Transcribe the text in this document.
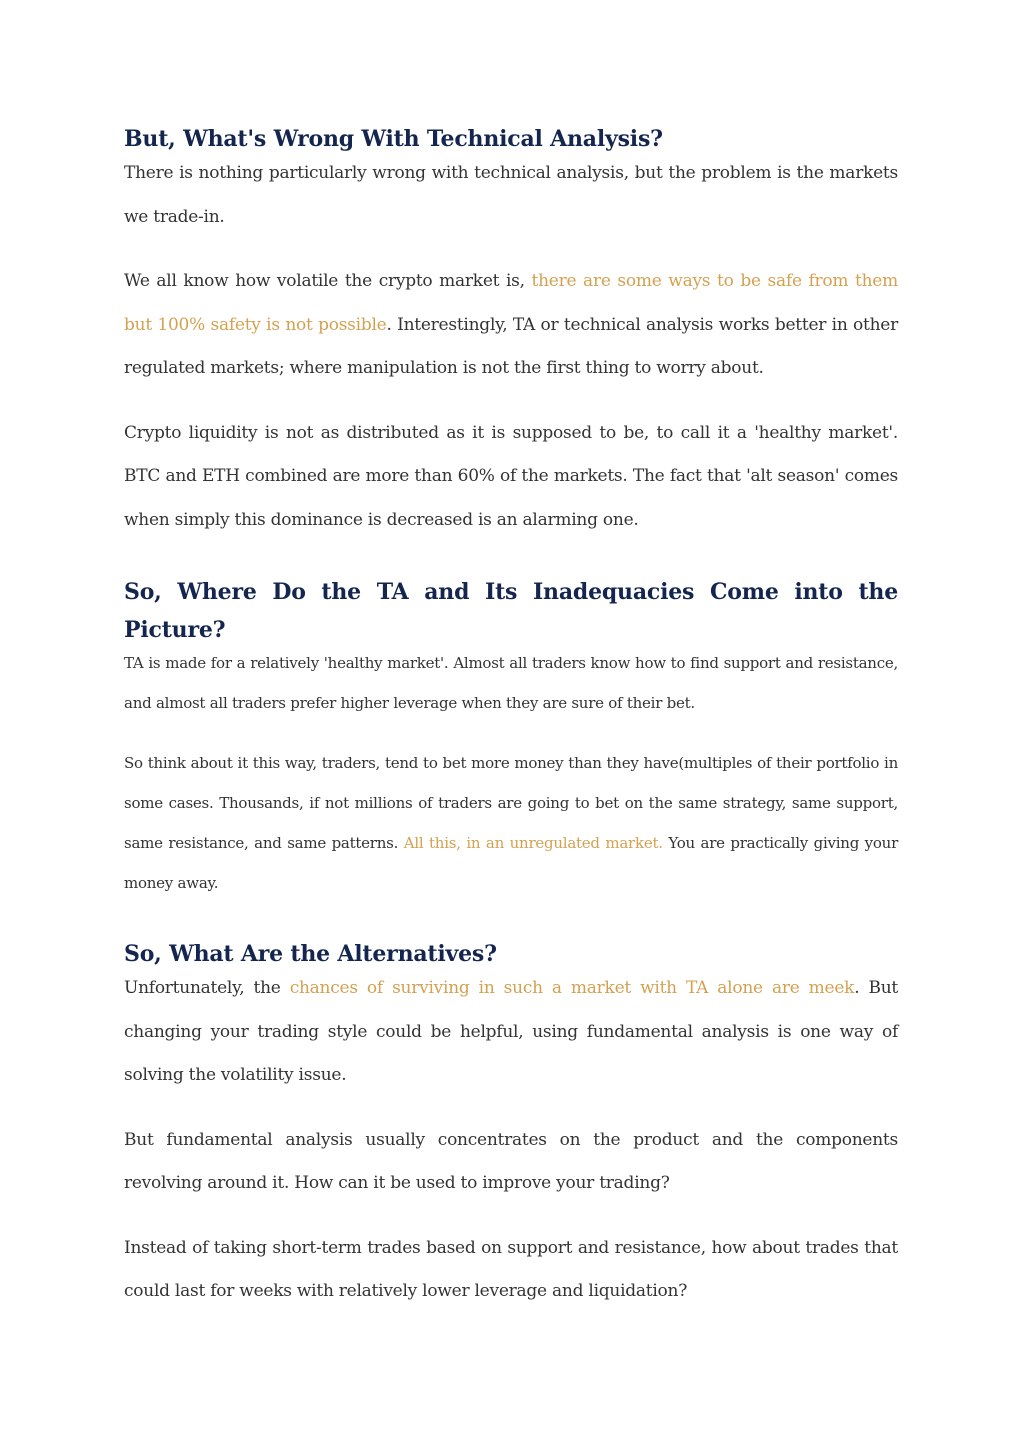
But, What's Wrong With Technical Analysis?

There is nothing particularly wrong with technical analysis, but the problem is the markets we trade-in.

We all know how volatile the crypto market is, there are some ways to be safe from them but 100% safety is not possible. Interestingly, TA or technical analysis works better in other regulated markets; where manipulation is not the first thing to worry about.

Crypto liquidity is not as distributed as it is supposed to be, to call it a 'healthy market'. BTC and ETH combined are more than 60% of the markets. The fact that 'alt season' comes when simply this dominance is decreased is an alarming one.

So, Where Do the TA and Its Inadequacies Come into the Picture?

TA is made for a relatively 'healthy market'. Almost all traders know how to find support and resistance, and almost all traders prefer higher leverage when they are sure of their bet.

So think about it this way, traders, tend to bet more money than they have(multiples of their portfolio in some cases. Thousands, if not millions of traders are going to bet on the same strategy, same support, same resistance, and same patterns. All this, in an unregulated market. You are practically giving your money away.

So, What Are the Alternatives?

Unfortunately, the chances of surviving in such a market with TA alone are meek. But changing your trading style could be helpful, using fundamental analysis is one way of solving the volatility issue.

But fundamental analysis usually concentrates on the product and the components revolving around it. How can it be used to improve your trading?

Instead of taking short-term trades based on support and resistance, how about trades that could last for weeks with relatively lower leverage and liquidation?
